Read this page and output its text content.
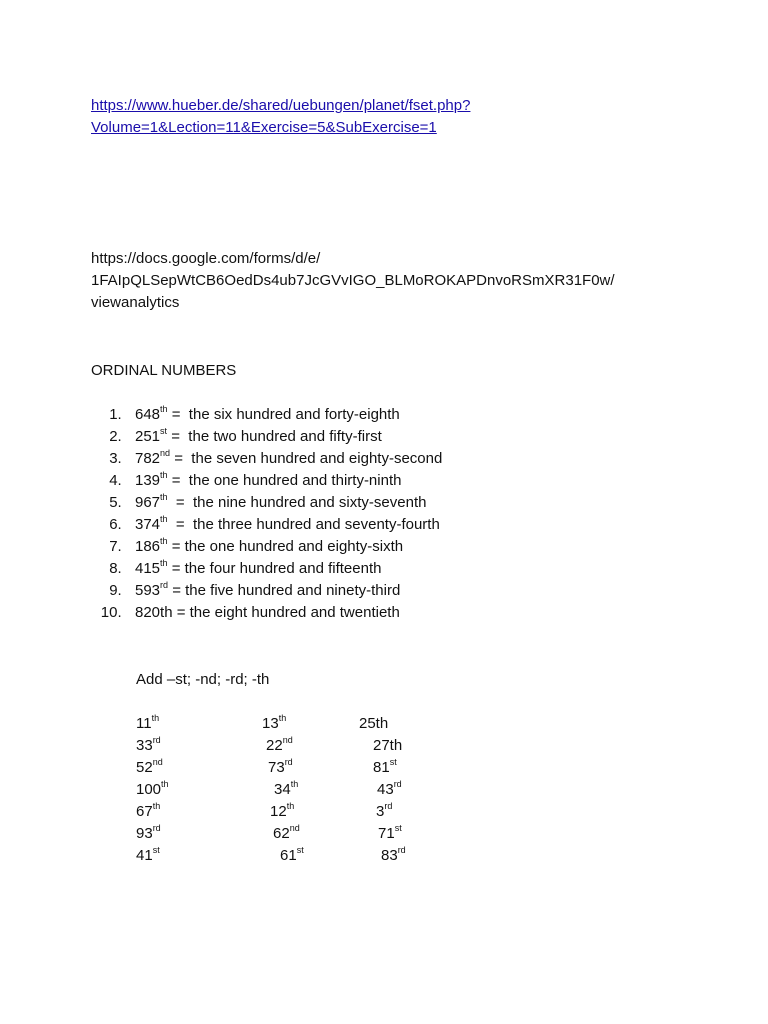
https://www.hueber.de/shared/uebungen/planet/fset.php?
Volume=1&Lection=11&Exercise=5&SubExercise=1
https://docs.google.com/forms/d/e/
1FAIpQLSepWtCB6OedDs4ub7JcGVvIGO_BLMoROKAPDnvoRSmXR31F0w/
viewanalytics
ORDINAL NUMBERS
1. 648th =  the six hundred and forty-eighth
2. 251st =  the two hundred and fifty-first
3. 782nd =  the seven hundred and eighty-second
4. 139th =  the one hundred and thirty-ninth
5. 967th  =  the nine hundred and sixty-seventh
6. 374th  =  the three hundred and seventy-fourth
7. 186th = the one hundred and eighty-sixth
8. 415th = the four hundred and fifteenth
9. 593rd = the five hundred and ninety-third
10. 820th = the eight hundred and twentieth
Add –st; -nd; -rd; -th
11th	13th	25th
33rd	22nd	27th
52nd	73rd	81st
100th	34th	43rd
67th	12th	3rd
93rd	62nd	71st
41st	61st	83rd
